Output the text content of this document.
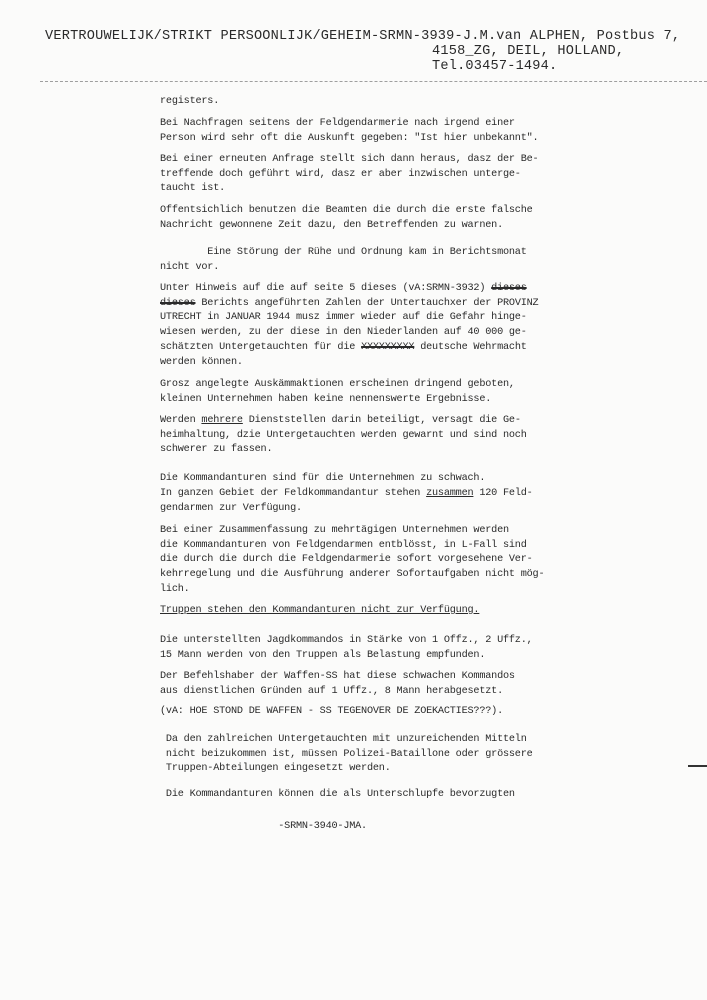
VERTROUWELIJK/STRIKT PERSOONLIJK/GEHEIM-SRMN-3939-J.M.van ALPHEN, Postbus 7,
4158_ZG, DEIL, HOLLAND,
Tel.03457-1494.
registers.
Bei Nachfragen seitens der Feldgendarmerie nach irgend einer
Person wird sehr oft die Auskunft gegeben: "Ist hier unbekannt".
Bei einer erneuten Anfrage stellt sich dann heraus, dasz der Be-
treffende doch geführt wird, dasz er aber inzwischen unterge-
taucht ist.
Offentsichlich benutzen die Beamten die durch die erste falsche
Nachricht gewonnene Zeit dazu, den Betreffenden zu warnen.
Eine Störung der Rühe und Ordnung kam in Berichtsmonat
nicht vor.
Unter Hinweis auf die auf seite 5 dieses (vA:SRMN-3932) dieses
dieses Berichts angeführten Zahlen der Untertauchxer der PROVINZ
UTRECHT in JANUAR 1944 musz immer wieder auf die Gefahr hinge-
wiesen werden, zu der diese in den Niederlanden auf 40 000 ge-
schätzten Untergetauchten für die XXXXXXXXX deutsche Wehrmacht
werden können.
Grosz angelegte Auskämmaktionen erscheinen dringend geboten,
kleinen Unternehmen haben keine nennenswerte Ergebnisse.
Werden mehrere Dienststellen darin beteiligt, versagt die Ge-
heimhaltung, dzie Untergetauchten werden gewarnt und sind noch
schwerer zu fassen.
Die Kommandanturen sind für die Unternehmen zu schwach.
In ganzen Gebiet der Feldkommandantur stehen zusammen 120 Feld-
gendarmen zur Verfügung.
Bei einer Zusammenfassung zu mehrtägigen Unternehmen werden
die Kommandanturen von Feldgendarmen entblösst, in L-Fall sind
die durch die durch die Feldgendarmerie sofort vorgesehene Ver-
kehrregelung und die Ausführung anderer Sofortaufgaben nicht mög-
lich.
Truppen stehen den Kommandanturen nicht zur Verfügung.
Die unterstellten Jagdkommandos in Stärke von 1 Offz., 2 Uffz.,
15 Mann werden von den Truppen als Belastung empfunden.
Der Befehlshaber der Waffen-SS hat diese schwachen Kommandos
aus dienstlichen Gründen auf 1 Uffz., 8 Mann herabgesetzt.
(vA: HOE STOND DE WAFFEN - SS TEGENOVER DE ZOEKACTIES???).
Da den zahlreichen Untergetauchten mit unzureichenden Mitteln
nicht beizukommen ist, müssen Polizei-Bataillone oder grössere
Truppen-Abteilungen eingesetzt werden.
Die Kommandanturen können die als Unterschlupfe bevorzugten
-SRMN-3940-JMA.
